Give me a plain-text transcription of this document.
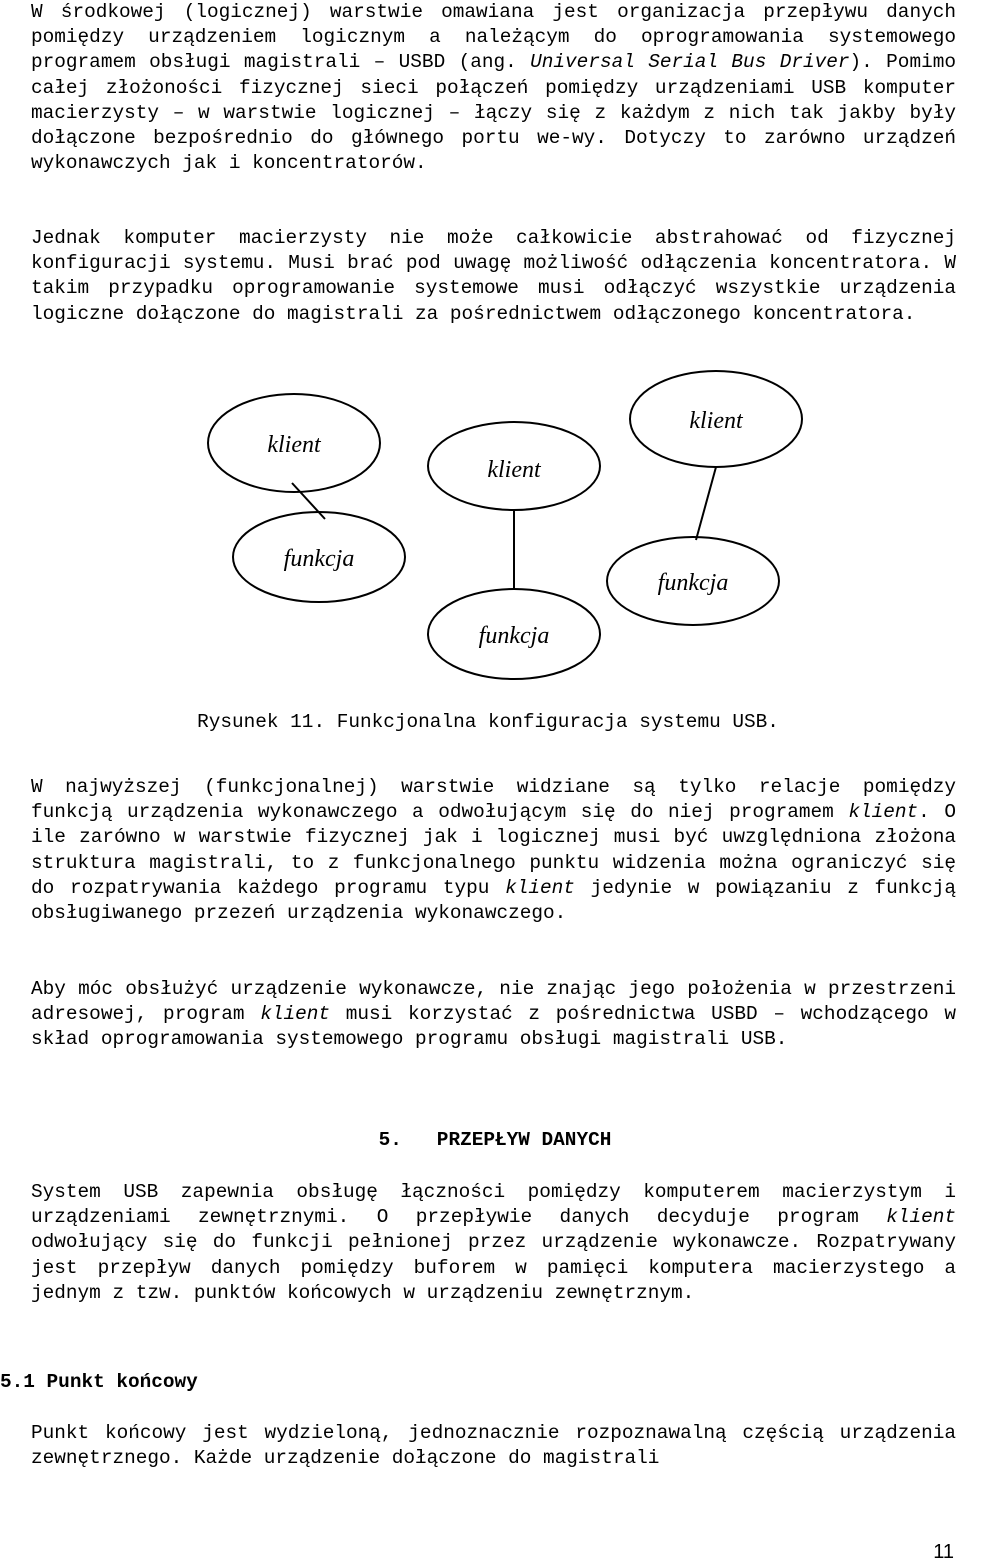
W środkowej (logicznej) warstwie omawiana jest organizacja przepływu danych pomiędzy urządzeniem logicznym a należącym do oprogramowania systemowego programem obsługi magistrali – USBD (ang. Universal Serial Bus Driver). Pomimo całej złożoności fizycznej sieci połączeń pomiędzy urządzeniami USB komputer macierzysty – w warstwie logicznej – łączy się z każdym z nich tak jakby były dołączone bezpośrednio do głównego portu we-wy. Dotyczy to zarówno urządzeń wykonawczych jak i koncentratorów.

Jednak komputer macierzysty nie może całkowicie abstrahować od fizycznej konfiguracji systemu. Musi brać pod uwagę możliwość odłączenia koncentratora. W takim przypadku oprogramowanie systemowe musi odłączyć wszystkie urządzenia logiczne dołączone do magistrali za pośrednictwem odłączonego koncentratora.

klient
klient
klient
funkcja
funkcja
funkcja

Rysunek 11. Funkcjonalna konfiguracja systemu USB.

W najwyższej (funkcjonalnej) warstwie widziane są tylko relacje pomiędzy funkcją urządzenia wykonawczego a odwołującym się do niej programem klient. O ile zarówno w warstwie fizycznej jak i logicznej musi być uwzględniona złożona struktura magistrali, to z funkcjonalnego punktu widzenia można ograniczyć się do rozpatrywania każdego programu typu klient jedynie w powiązaniu z funkcją obsługiwanego przezeń urządzenia wykonawczego.

Aby móc obsłużyć urządzenie wykonawcze, nie znając jego położenia w przestrzeni adresowej, program klient musi korzystać z pośrednictwa USBD – wchodzącego w skład oprogramowania systemowego programu obsługi magistrali USB.

5.   PRZEPŁYW DANYCH

System USB zapewnia obsługę łączności pomiędzy komputerem macierzystym i urządzeniami zewnętrznymi. O przepływie danych decyduje program klient odwołujący się do funkcji pełnionej przez urządzenie wykonawcze. Rozpatrywany jest przepływ danych pomiędzy buforem w pamięci komputera macierzystego a jednym z tzw. punktów końcowych w urządzeniu zewnętrznym.

5.1 Punkt końcowy

Punkt końcowy jest wydzieloną, jednoznacznie rozpoznawalną częścią urządzenia zewnętrznego. Każde urządzenie dołączone do magistrali

11
